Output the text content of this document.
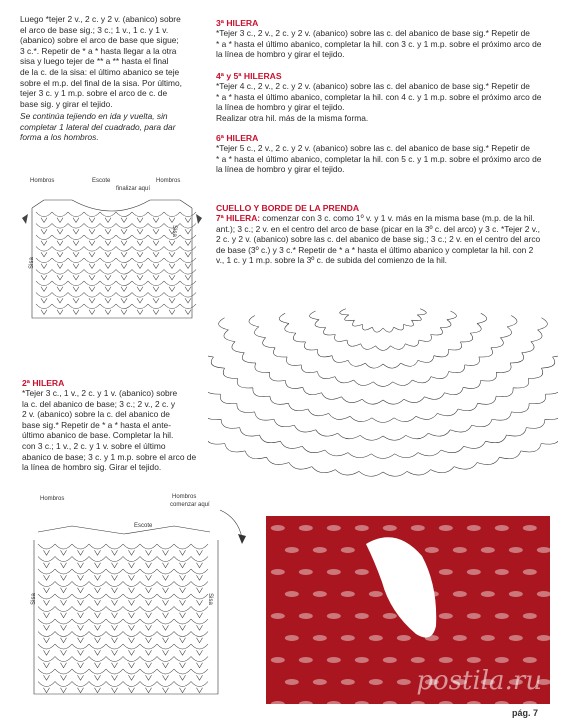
Luego *tejer 2 v., 2 c. y 2 v. (abanico) sobre
el arco de base sig.; 3 c.; 1 v., 1 c. y 1 v.
(abanico) sobre el arco de base que sigue;
3 c.*. Repetir de * a * hasta llegar a la otra
sisa y luego tejer de ** a ** hasta el final
de la c. de la sisa: el último abanico se teje
sobre el m.p. del final de la sisa. Por último,
tejer 3 c. y 1 m.p. sobre el arco de c. de
base sig. y girar el tejido.
Se continúa tejiendo en ida y vuelta, sin
completar 1 lateral del cuadrado, para dar
forma a los hombros.
Hombros	Escote	Hombros
finalizar aquí
Sisa
Sisa
3ª HILERA
*Tejer 3 c., 2 v., 2 c. y 2 v. (abanico) sobre las c. del abanico de base sig.* Repetir de
* a * hasta el último abanico, completar la hil. con 3 c. y 1 m.p. sobre el próximo arco de
la línea de hombro y girar el tejido.
4ª y 5ª HILERAS
*Tejer 4 c., 2 v., 2 c. y 2 v. (abanico) sobre las c. del abanico de base sig.* Repetir de
* a * hasta el último abanico, completar la hil. con 4 c. y 1 m.p. sobre el próximo arco de
la línea de hombro y girar el tejido.
Realizar otra hil. más de la misma forma.
6ª HILERA
*Tejer 5 c., 2 v., 2 c. y 2 v. (abanico) sobre las c. del abanico de base sig.* Repetir de
* a * hasta el último abanico, completar la hil. con 5 c. y 1 m.p. sobre el próximo arco de
la línea de hombro y girar el tejido.
CUELLO Y BORDE DE LA PRENDA
7ª HILERA: comenzar con 3 c. como 1º v. y 1 v. más en la misma base (m.p. de la hil.
ant.); 3 c.; 2 v. en el centro del arco de base (picar en la 3º c. del arco) y 3 c. *Tejer 2 v.,
2 c. y 2 v. (abanico) sobre las c. del abanico de base sig.; 3 c.; 2 v. en el centro del arco
de base (3º c.) y 3 c.* Repetir de * a * hasta el último abanico y completar la hil. con 2
v., 1 c. y 1 m.p. sobre la 3º c. de subida del comienzo de la hil.
2ª HILERA
*Tejer 3 c., 1 v., 2 c. y 1 v. (abanico) sobre
la c. del abanico de base; 3 c.; 2 v., 2 c. y
2 v. (abanico) sobre la c. del abanico de
base sig.* Repetir de * a * hasta el ante-
último abanico de base. Completar la hil.
con 3 c.; 1 v., 2 c. y 1 v. sobre el último
abanico de base; 3 c. y 1 m.p. sobre el arco de
la línea de hombro sig. Girar el tejido.
Hombros	Hombros
comenzar aquí
Escote
Sisa	Sisa
postila.ru
pág. 7
